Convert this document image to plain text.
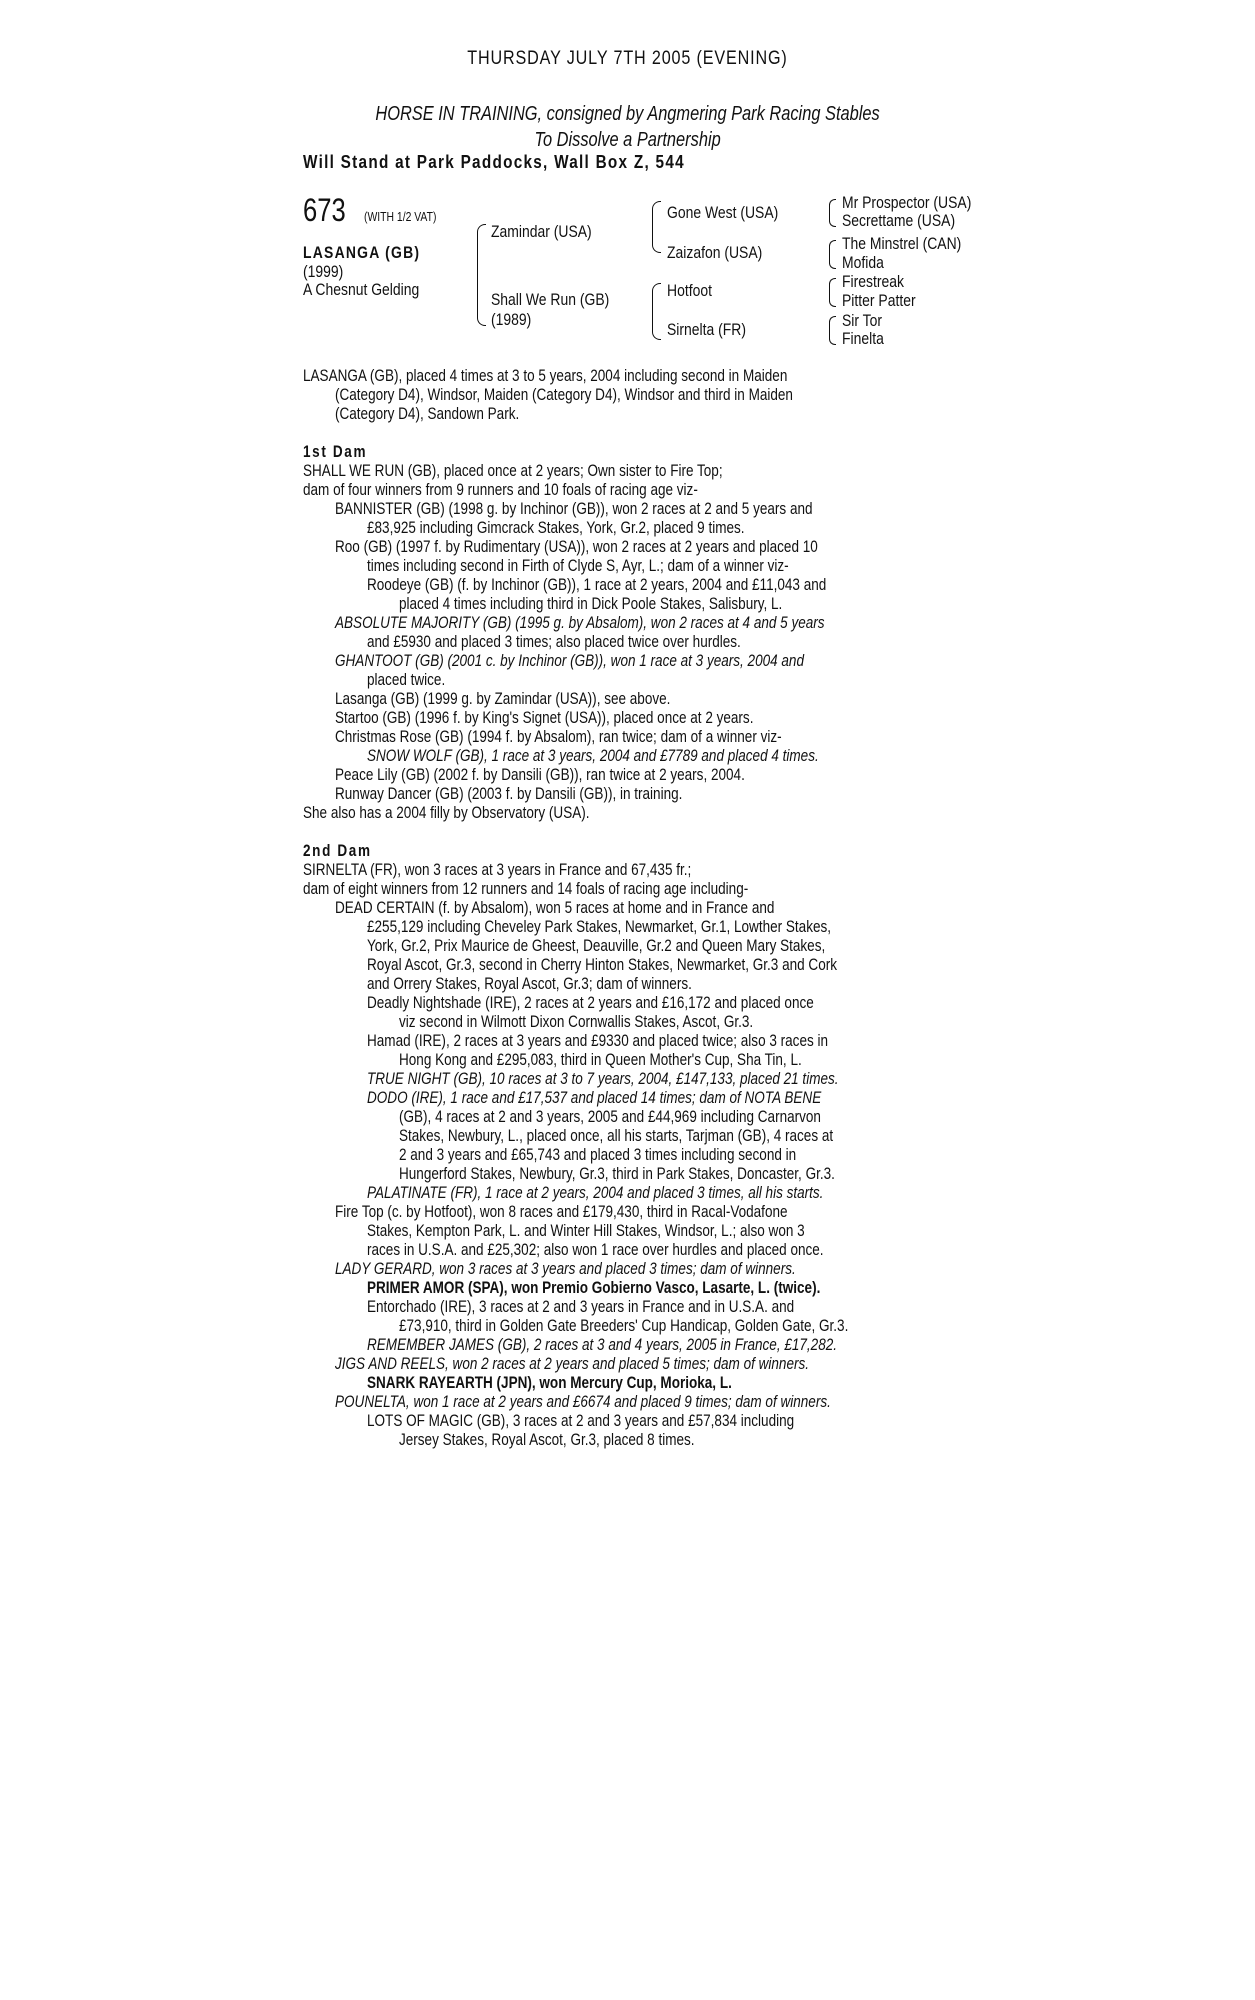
THURSDAY JULY 7TH 2005 (EVENING)
HORSE IN TRAINING, consigned by Angmering Park Racing Stables
To Dissolve a Partnership
Will Stand at Park Paddocks, Wall Box Z, 544
673	(WITH 1/2 VAT)
LASANGA (GB)
(1999)
A Chesnut Gelding
Zamindar (USA)
Shall We Run (GB)
(1989)
Gone West (USA)
Zaizafon (USA)
Hotfoot
Sirnelta (FR)
Mr Prospector (USA)
Secrettame (USA)
The Minstrel (CAN)
Mofida
Firestreak
Pitter Patter
Sir Tor
Finelta
LASANGA (GB), placed 4 times at 3 to 5 years, 2004 including second in Maiden
(Category D4), Windsor, Maiden (Category D4), Windsor and third in Maiden
(Category D4), Sandown Park.
1st Dam
SHALL WE RUN (GB), placed once at 2 years; Own sister to Fire Top;
dam of four winners from 9 runners and 10 foals of racing age viz-
BANNISTER (GB) (1998 g. by Inchinor (GB)), won 2 races at 2 and 5 years and
£83,925 including Gimcrack Stakes, York, Gr.2, placed 9 times.
Roo (GB) (1997 f. by Rudimentary (USA)), won 2 races at 2 years and placed 10
times including second in Firth of Clyde S, Ayr, L.; dam of a winner viz-
Roodeye (GB) (f. by Inchinor (GB)), 1 race at 2 years, 2004 and £11,043 and
placed 4 times including third in Dick Poole Stakes, Salisbury, L.
ABSOLUTE MAJORITY (GB) (1995 g. by Absalom), won 2 races at 4 and 5 years
and £5930 and placed 3 times; also placed twice over hurdles.
GHANTOOT (GB) (2001 c. by Inchinor (GB)), won 1 race at 3 years, 2004 and
placed twice.
Lasanga (GB) (1999 g. by Zamindar (USA)), see above.
Startoo (GB) (1996 f. by King's Signet (USA)), placed once at 2 years.
Christmas Rose (GB) (1994 f. by Absalom), ran twice; dam of a winner viz-
SNOW WOLF (GB), 1 race at 3 years, 2004 and £7789 and placed 4 times.
Peace Lily (GB) (2002 f. by Dansili (GB)), ran twice at 2 years, 2004.
Runway Dancer (GB) (2003 f. by Dansili (GB)), in training.
She also has a 2004 filly by Observatory (USA).
2nd Dam
SIRNELTA (FR), won 3 races at 3 years in France and 67,435 fr.;
dam of eight winners from 12 runners and 14 foals of racing age including-
DEAD CERTAIN (f. by Absalom), won 5 races at home and in France and
£255,129 including Cheveley Park Stakes, Newmarket, Gr.1, Lowther Stakes,
York, Gr.2, Prix Maurice de Gheest, Deauville, Gr.2 and Queen Mary Stakes,
Royal Ascot, Gr.3, second in Cherry Hinton Stakes, Newmarket, Gr.3 and Cork
and Orrery Stakes, Royal Ascot, Gr.3; dam of winners.
Deadly Nightshade (IRE), 2 races at 2 years and £16,172 and placed once
viz second in Wilmott Dixon Cornwallis Stakes, Ascot, Gr.3.
Hamad (IRE), 2 races at 3 years and £9330 and placed twice; also 3 races in
Hong Kong and £295,083, third in Queen Mother's Cup, Sha Tin, L.
TRUE NIGHT (GB), 10 races at 3 to 7 years, 2004, £147,133, placed 21 times.
DODO (IRE), 1 race and £17,537 and placed 14 times; dam of NOTA BENE
(GB), 4 races at 2 and 3 years, 2005 and £44,969 including Carnarvon
Stakes, Newbury, L., placed once, all his starts, Tarjman (GB), 4 races at
2 and 3 years and £65,743 and placed 3 times including second in
Hungerford Stakes, Newbury, Gr.3, third in Park Stakes, Doncaster, Gr.3.
PALATINATE (FR), 1 race at 2 years, 2004 and placed 3 times, all his starts.
Fire Top (c. by Hotfoot), won 8 races and £179,430, third in Racal-Vodafone
Stakes, Kempton Park, L. and Winter Hill Stakes, Windsor, L.; also won 3
races in U.S.A. and £25,302; also won 1 race over hurdles and placed once.
LADY GERARD, won 3 races at 3 years and placed 3 times; dam of winners.
PRIMER AMOR (SPA), won Premio Gobierno Vasco, Lasarte, L. (twice).
Entorchado (IRE), 3 races at 2 and 3 years in France and in U.S.A. and
£73,910, third in Golden Gate Breeders' Cup Handicap, Golden Gate, Gr.3.
REMEMBER JAMES (GB), 2 races at 3 and 4 years, 2005 in France, £17,282.
JIGS AND REELS, won 2 races at 2 years and placed 5 times; dam of winners.
SNARK RAYEARTH (JPN), won Mercury Cup, Morioka, L.
POUNELTA, won 1 race at 2 years and £6674 and placed 9 times; dam of winners.
LOTS OF MAGIC (GB), 3 races at 2 and 3 years and £57,834 including
Jersey Stakes, Royal Ascot, Gr.3, placed 8 times.
